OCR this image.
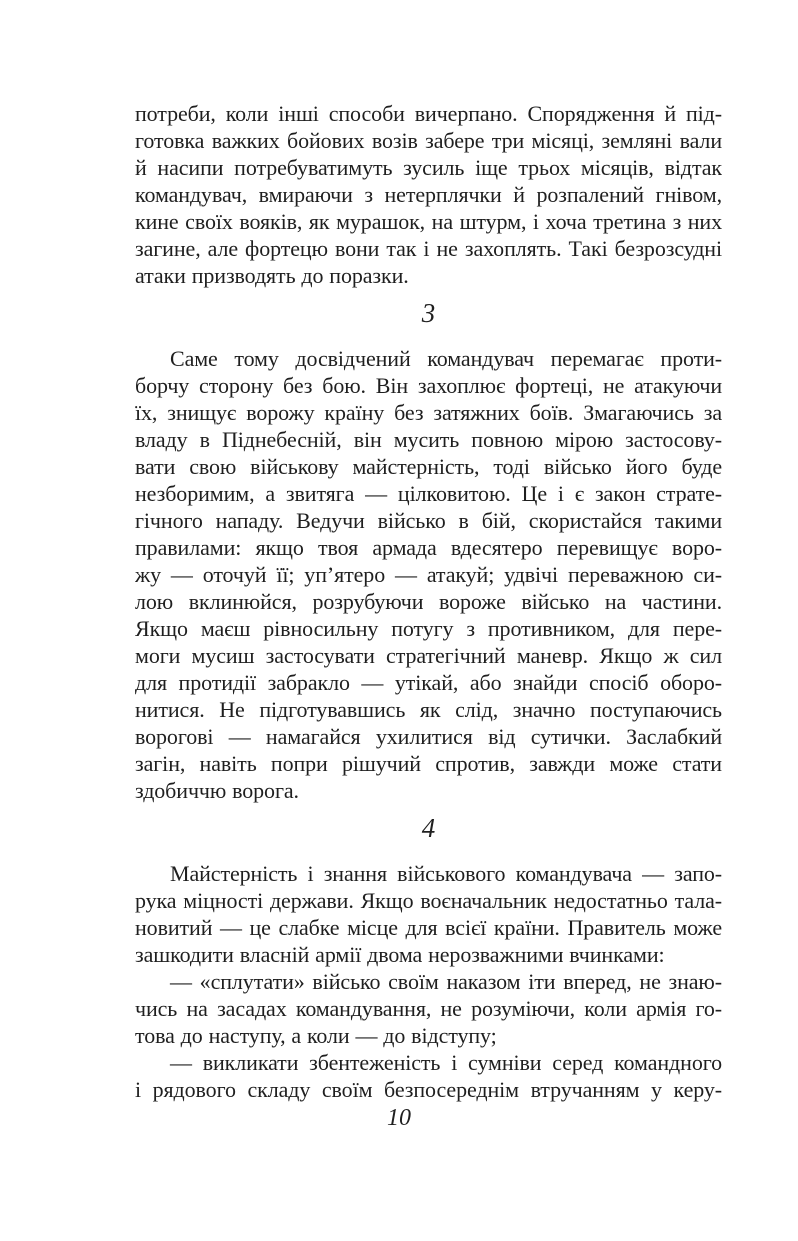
потреби, коли інші способи вичерпано. Спорядження й під-
готовка важких бойових возів забере три місяці, земляні вали
й насипи потребуватимуть зусиль іще трьох місяців, відтак
командувач, вмираючи з нетерплячки й розпалений гнівом,
кине своїх вояків, як мурашок, на штурм, і хоча третина з них
загине, але фортецю вони так і не захоплять. Такі безрозсудні
атаки призводять до поразки.
3
Саме тому досвідчений командувач перемагає проти-
борчу сторону без бою. Він захоплює фортеці, не атакуючи
їх, знищує ворожу країну без затяжних боїв. Змагаючись за
владу в Піднебесній, він мусить повною мірою застосову-
вати свою військову майстерність, тоді військо його буде
незборимим, а звитяга — цілковитою. Це і є закон страте-
гічного нападу. Ведучи військо в бій, скористайся такими
правилами: якщо твоя армада вдесятеро перевищує воро-
жу — оточуй її; уп’ятеро — атакуй; удвічі переважною си-
лою вклинюйся, розрубуючи вороже військо на частини.
Якщо маєш рівносильну потугу з противником, для пере-
моги мусиш застосувати стратегічний маневр. Якщо ж сил
для протидії забракло — утікай, або знайди спосіб оборо-
нитися. Не підготувавшись як слід, значно поступаючись
ворогові — намагайся ухилитися від сутички. Заслабкий
загін, навіть попри рішучий спротив, завжди може стати
здобиччю ворога.
4
Майстерність і знання військового командувача — запо-
рука міцності держави. Якщо воєначальник недостатньо тала-
новитий — це слабке місце для всієї країни. Правитель може
зашкодити власній армії двома нерозважними вчинками:
— «сплутати» військо своїм наказом іти вперед, не знаю-
чись на засадах командування, не розуміючи, коли армія го-
това до наступу, а коли — до відступу;
— викликати збентеженість і сумніви серед командного
і рядового складу своїм безпосереднім втручанням у керу-
10
